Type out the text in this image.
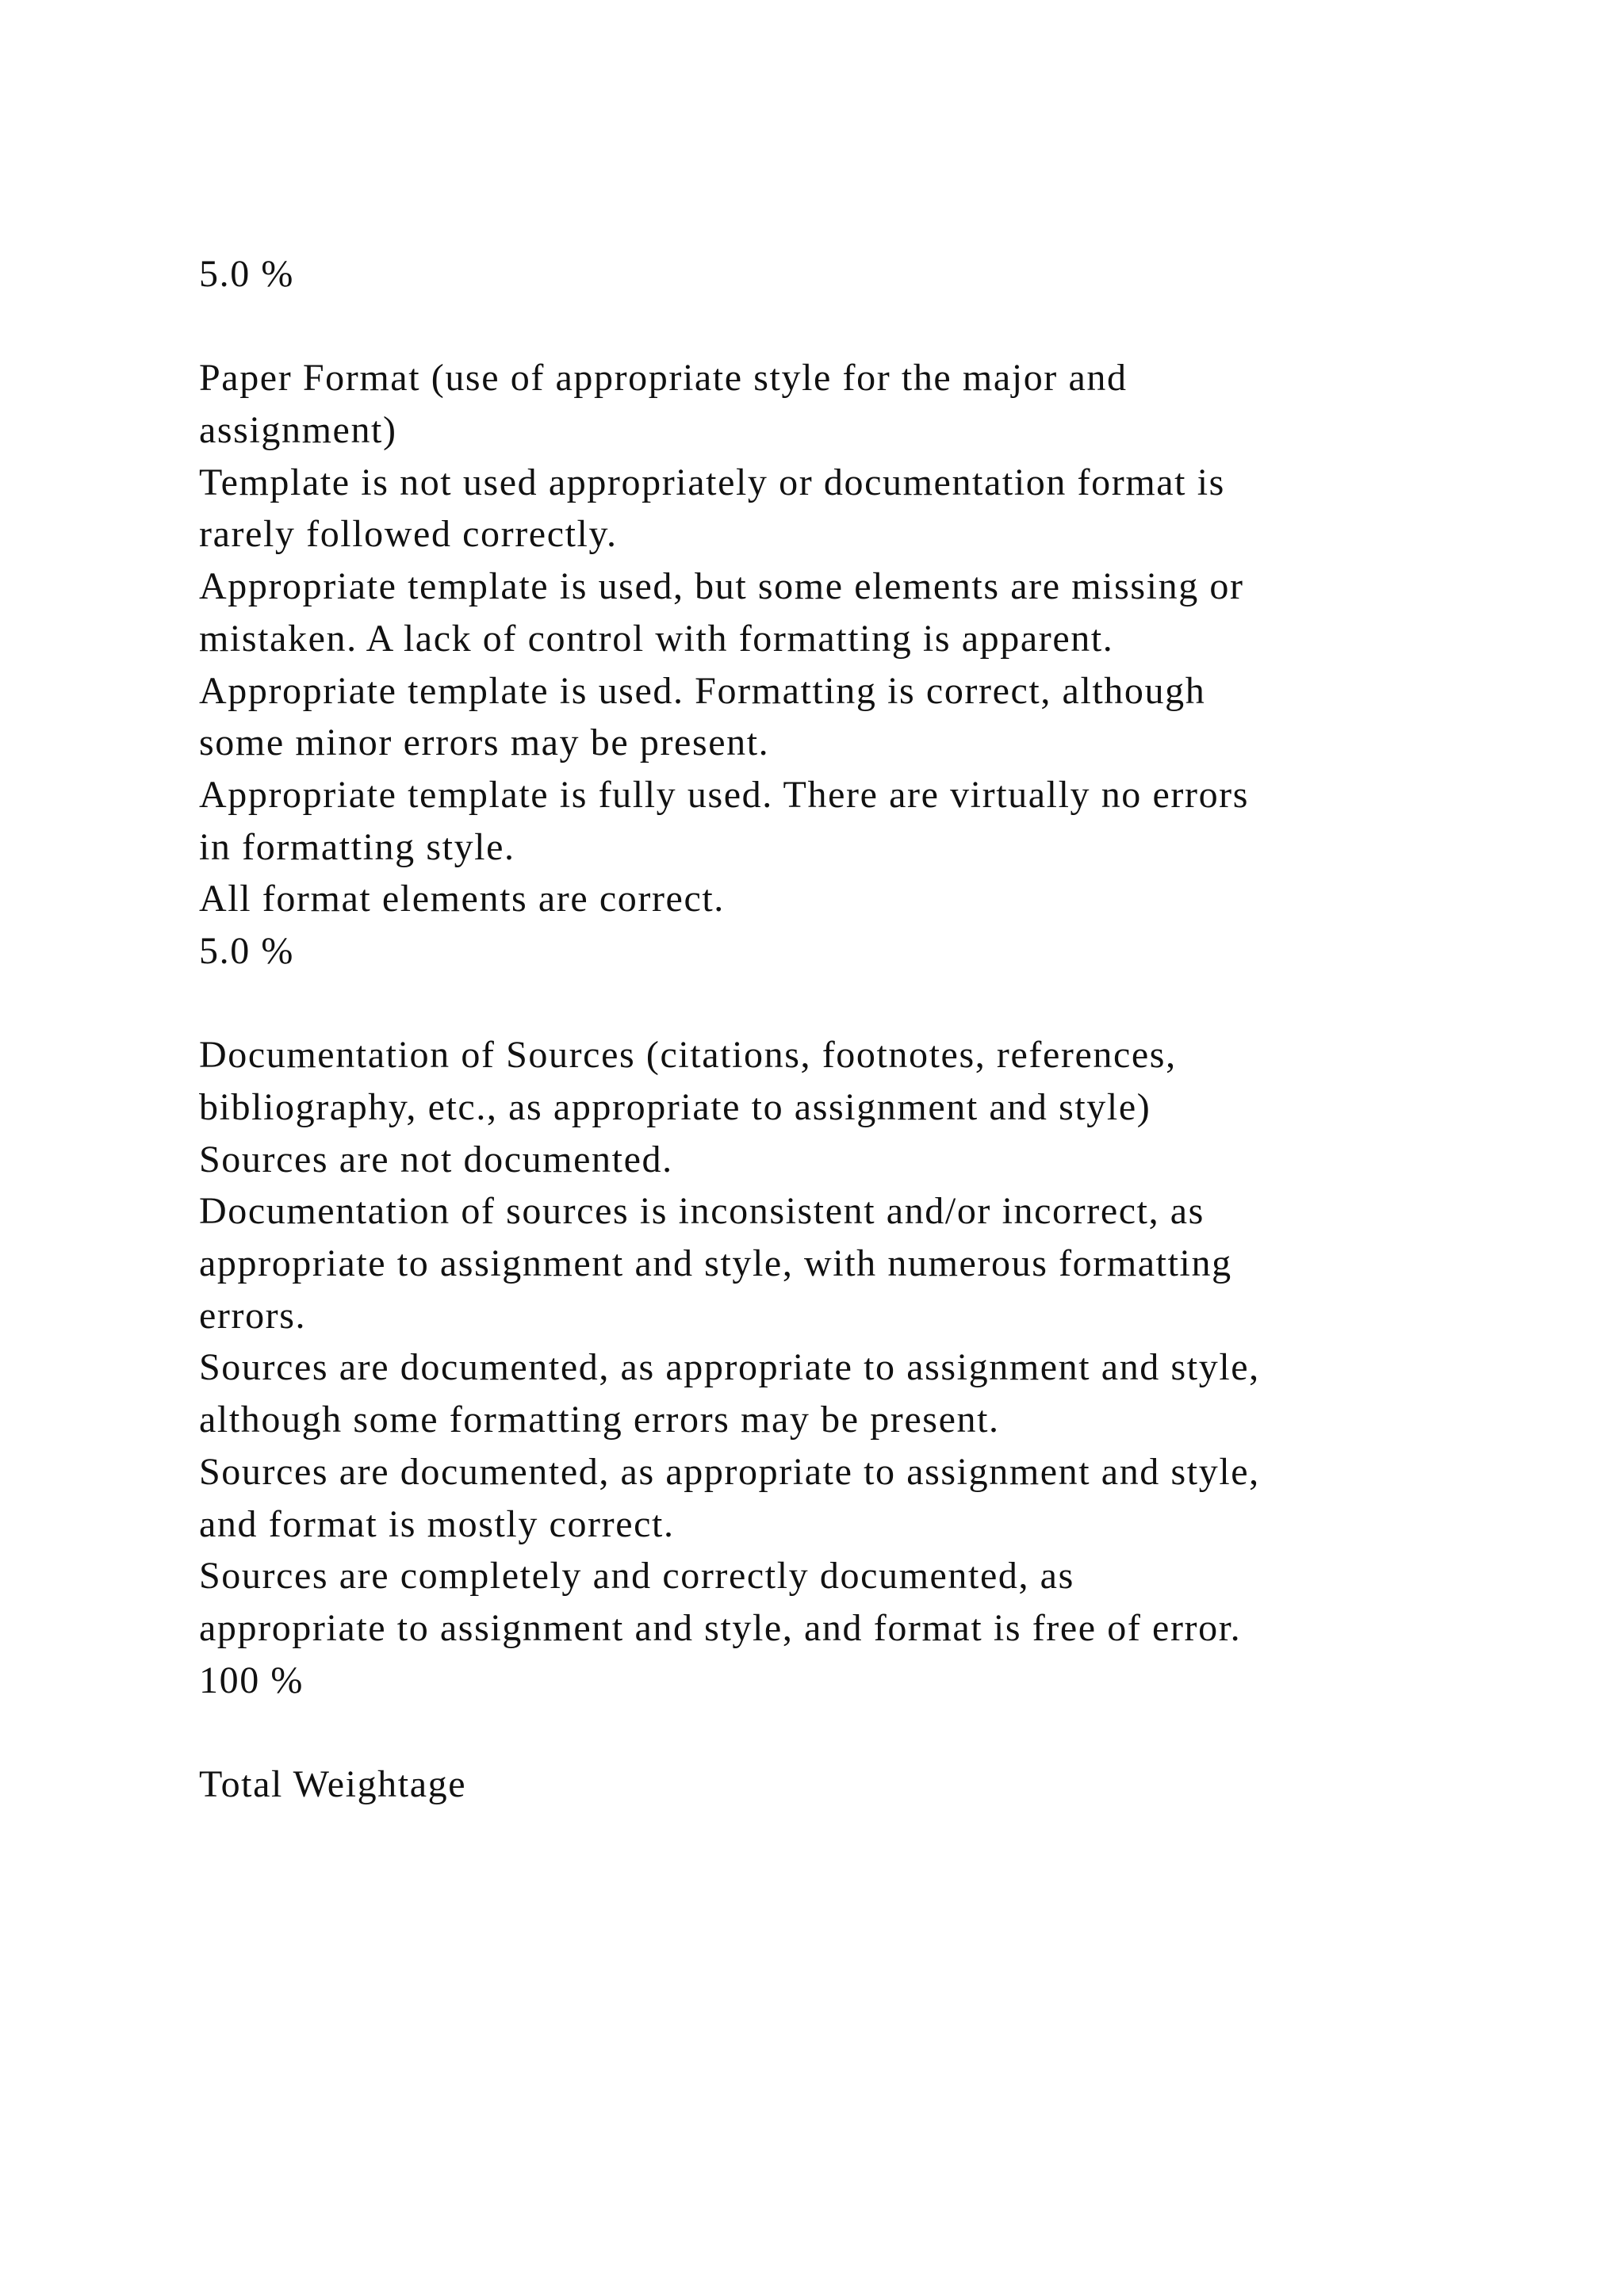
5.0 %
Paper Format (use of appropriate style for the major and
assignment)
Template is not used appropriately or documentation format is
rarely followed correctly.
Appropriate template is used, but some elements are missing or
mistaken. A lack of control with formatting is apparent.
Appropriate template is used. Formatting is correct, although
some minor errors may be present.
Appropriate template is fully used. There are virtually no errors
in formatting style.
All format elements are correct.
5.0 %
Documentation of Sources (citations, footnotes, references,
bibliography, etc., as appropriate to assignment and style)
Sources are not documented.
Documentation of sources is inconsistent and/or incorrect, as
appropriate to assignment and style, with numerous formatting
errors.
Sources are documented, as appropriate to assignment and style,
although some formatting errors may be present.
Sources are documented, as appropriate to assignment and style,
and format is mostly correct.
Sources are completely and correctly documented, as
appropriate to assignment and style, and format is free of error.
100 %
Total Weightage
